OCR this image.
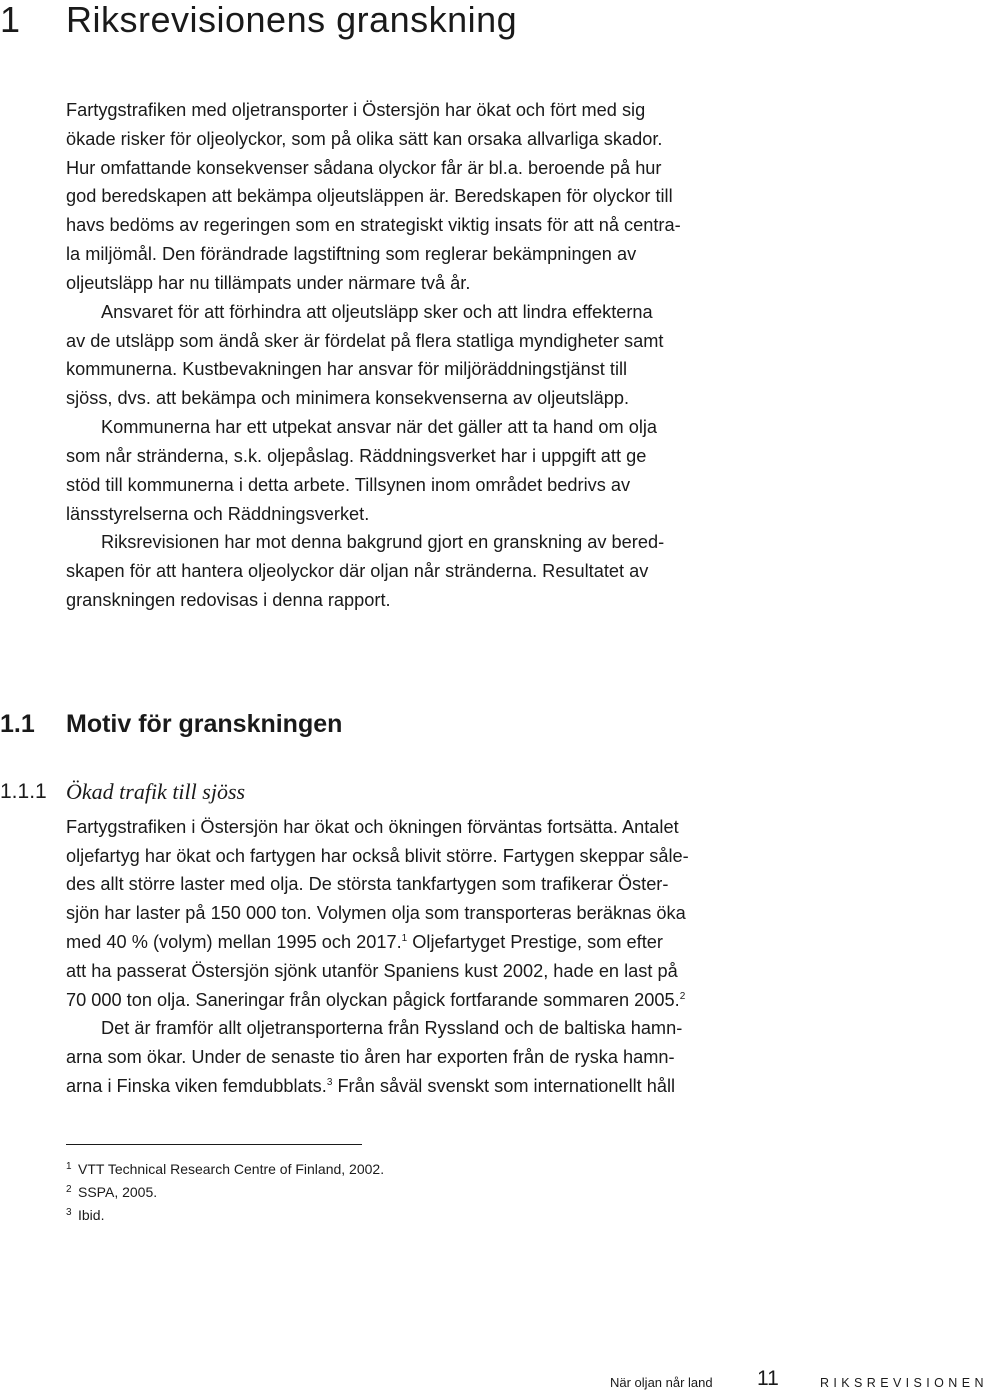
1 Riksrevisionens granskning

Fartygstrafiken med oljetransporter i Östersjön har ökat och fört med sig

ökade risker för oljeolyckor, som på olika sätt kan orsaka allvarliga skador.

Hur omfattande konsekvenser sådana olyckor får är bl.a. beroende på hur

god beredskapen att bekämpa oljeutsläppen är. Beredskapen för olyckor till

havs bedöms av regeringen som en strategiskt viktig insats för att nå centra-

la miljömål. Den förändrade lagstiftning som reglerar bekämpningen av

oljeutsläpp har nu tillämpats under närmare två år.

Ansvaret för att förhindra att oljeutsläpp sker och att lindra effekterna

av de utsläpp som ändå sker är fördelat på flera statliga myndigheter samt

kommunerna. Kustbevakningen har ansvar för miljöräddningstjänst till

sjöss, dvs. att bekämpa och minimera konsekvenserna av oljeutsläpp.

Kommunerna har ett utpekat ansvar när det gäller att ta hand om olja

som når stränderna, s.k. oljepåslag. Räddningsverket har i uppgift att ge

stöd till kommunerna i detta arbete. Tillsynen inom området bedrivs av

länsstyrelserna och Räddningsverket.

Riksrevisionen har mot denna bakgrund gjort en granskning av bered-

skapen för att hantera oljeolyckor där oljan når stränderna. Resultatet av

granskningen redovisas i denna rapport.

1.1 Motiv för granskningen
1.1.1 Ökad trafik till sjöss

Fartygstrafiken i Östersjön har ökat och ökningen förväntas fortsätta. Antalet

oljefartyg har ökat och fartygen har också blivit större. Fartygen skeppar såle-

des allt större laster med olja. De största tankfartygen som trafikerar Öster-

sjön har laster på 150 000 ton. Volymen olja som transporteras beräknas öka

med 40 % (volym) mellan 1995 och 2017.$^1$ Oljefartyget Prestige, som efter

att ha passerat Östersjön sjönk utanför Spaniens kust 2002, hade en last på

70 000 ton olja. Saneringar från olyckan pågick fortfarande sommaren 2005.$^2$

Det är framför allt oljetransporterna från Ryssland och de baltiska hamn-

arna som ökar. Under de senaste tio åren har exporten från de ryska hamn-

arna i Finska viken femdubblats.$^3$ Från såväl svenskt som internationellt håll

1 VTT Technical Research Centre of Finland, 2002.
2 SSPA, 2005.
3 Ibid.
När oljan når land 11	RIKSREVISIONEN
